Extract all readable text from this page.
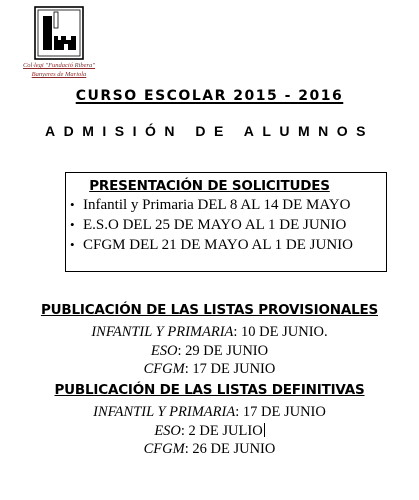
Col·legi "Fundació Ribera"
Banyeres de Mariola
CURSO ESCOLAR 2015 - 2016
ADMISIÓN DE ALUMNOS
PRESENTACIÓN DE SOLICITUDES
• Infantil y Primaria DEL 8 AL 14 DE MAYO
• E.S.O DEL 25 DE MAYO AL 1 DE JUNIO
• CFGM DEL 21 DE MAYO AL 1 DE JUNIO
PUBLICACIÓN DE LAS LISTAS PROVISIONALES
INFANTIL Y PRIMARIA: 10 DE JUNIO.
ESO: 29 DE JUNIO
CFGM: 17 DE JUNIO
PUBLICACIÓN DE LAS LISTAS DEFINITIVAS
INFANTIL Y PRIMARIA: 17 DE JUNIO
ESO: 2 DE JULIO
CFGM: 26 DE JUNIO
